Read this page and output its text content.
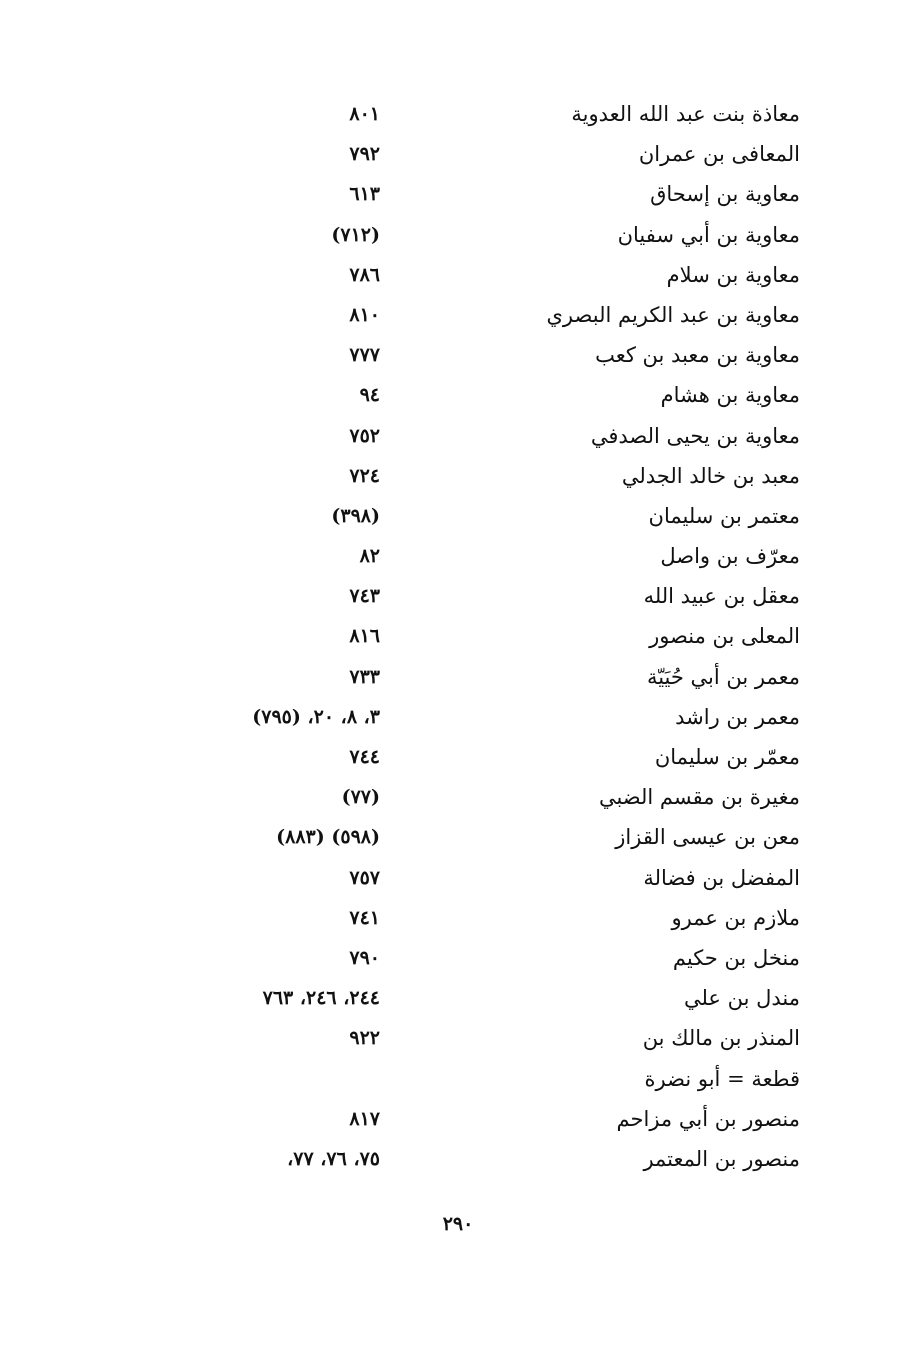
معاذة بنت عبد الله العدوية
٨٠١
المعافى بن عمران
٧٩٢
معاوية بن إسحاق
٦١٣
معاوية بن أبي سفيان
(٧١٢)
معاوية بن سلام
٧٨٦
معاوية بن عبد الكريم البصري
٨١٠
معاوية بن معبد بن كعب
٧٧٧
معاوية بن هشام
٩٤
معاوية بن يحيى الصدفي
٧٥٢
معبد بن خالد الجدلي
٧٢٤
معتمر بن سليمان
(٣٩٨)
معرّف بن واصل
٨٢
معقل بن عبيد الله
٧٤٣
المعلى بن منصور
٨١٦
معمر بن أبي حُيَيّة
٧٣٣
معمر بن راشد
٣، ٨، ٢٠، (٧٩٥)
معمّر بن سليمان
٧٤٤
مغيرة بن مقسم الضبي
(٧٧)
معن بن عيسى القزاز
(٥٩٨) (٨٨٣)
المفضل بن فضالة
٧٥٧
ملازم بن عمرو
٧٤١
منخل بن حكيم
٧٩٠
مندل بن علي
٢٤٤، ٢٤٦، ٧٦٣
المنذر بن مالك بن
٩٢٢
قطعة = أبو نضرة
منصور بن أبي مزاحم
٨١٧
منصور بن المعتمر
٧٥، ٧٦، ٧٧،
٢٩٠
